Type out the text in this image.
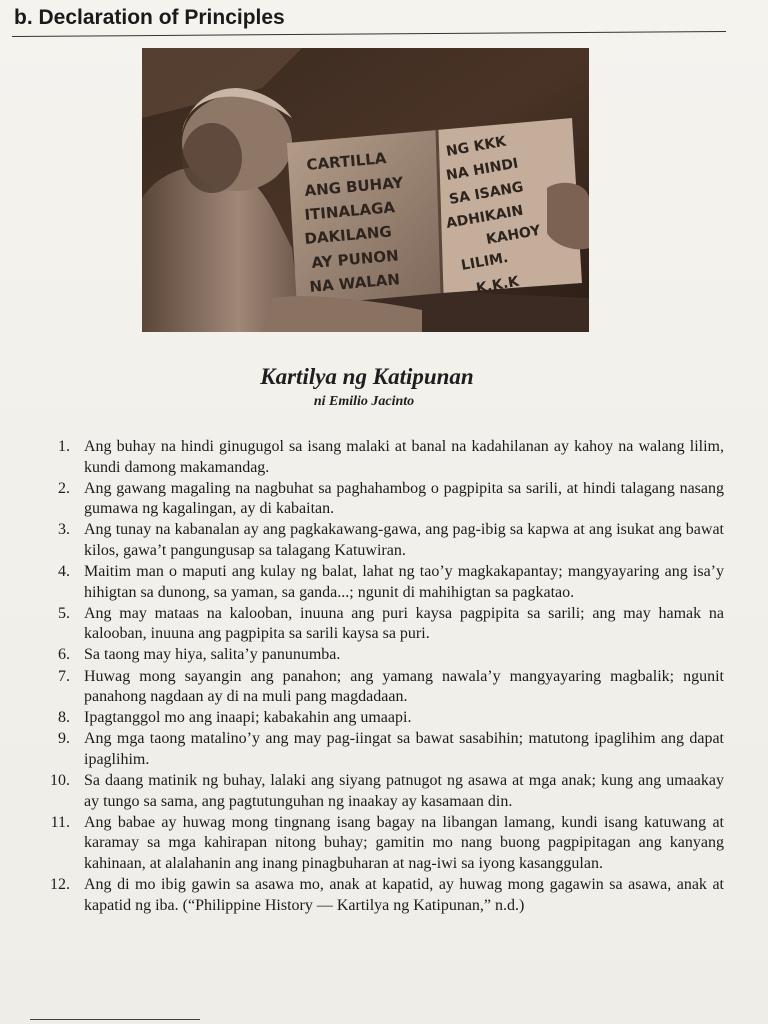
b. Declaration of Principles
CARTILLA
ANG BUHAY
ITINALAGA
DAKILANG
AY PUNON
NA WALAN
NG KKK
NA HINDI
SA ISANG
ADHIKAIN
KAHOY
LILIM.
K.K.K
Kartilya ng Katipunan
ni Emilio Jacinto
1. Ang buhay na hindi ginugugol sa isang malaki at banal na kadahilanan ay kahoy na walang lilim, kundi damong makamandag.
2. Ang gawang magaling na nagbuhat sa paghahambog o pagpipita sa sarili, at hindi talagang nasang gumawa ng kagalingan, ay di kabaitan.
3. Ang tunay na kabanalan ay ang pagkakawang-gawa, ang pag-ibig sa kapwa at ang isukat ang bawat kilos, gawa’t pangungusap sa talagang Katuwiran.
4. Maitim man o maputi ang kulay ng balat, lahat ng tao’y magkakapantay; mangyayaring ang isa’y hihigtan sa dunong, sa yaman, sa ganda...; ngunit di mahihigtan sa pagkatao.
5. Ang may mataas na kalooban, inuuna ang puri kaysa pagpipita sa sarili; ang may hamak na kalooban, inuuna ang pagpipita sa sarili kaysa sa puri.
6. Sa taong may hiya, salita’y panunumba.
7. Huwag mong sayangin ang panahon; ang yamang nawala’y mangyayaring magbalik; ngunit panahong nagdaan ay di na muli pang magdadaan.
8. Ipagtanggol mo ang inaapi; kabakahin ang umaapi.
9. Ang mga taong matalino’y ang may pag-iingat sa bawat sasabihin; matutong ipaglihim ang dapat ipaglihim.
10. Sa daang matinik ng buhay, lalaki ang siyang patnugot ng asawa at mga anak; kung ang umaakay ay tungo sa sama, ang pagtutunguhan ng inaakay ay kasamaan din.
11. Ang babae ay huwag mong tingnang isang bagay na libangan lamang, kundi isang katuwang at karamay sa mga kahirapan nitong buhay; gamitin mo nang buong pagpipitagan ang kanyang kahinaan, at alalahanin ang inang pinagbuharan at nag-iwi sa iyong kasanggulan.
12. Ang di mo ibig gawin sa asawa mo, anak at kapatid, ay huwag mong gagawin sa asawa, anak at kapatid ng iba. (“Philippine History — Kartilya ng Katipunan,” n.d.)
